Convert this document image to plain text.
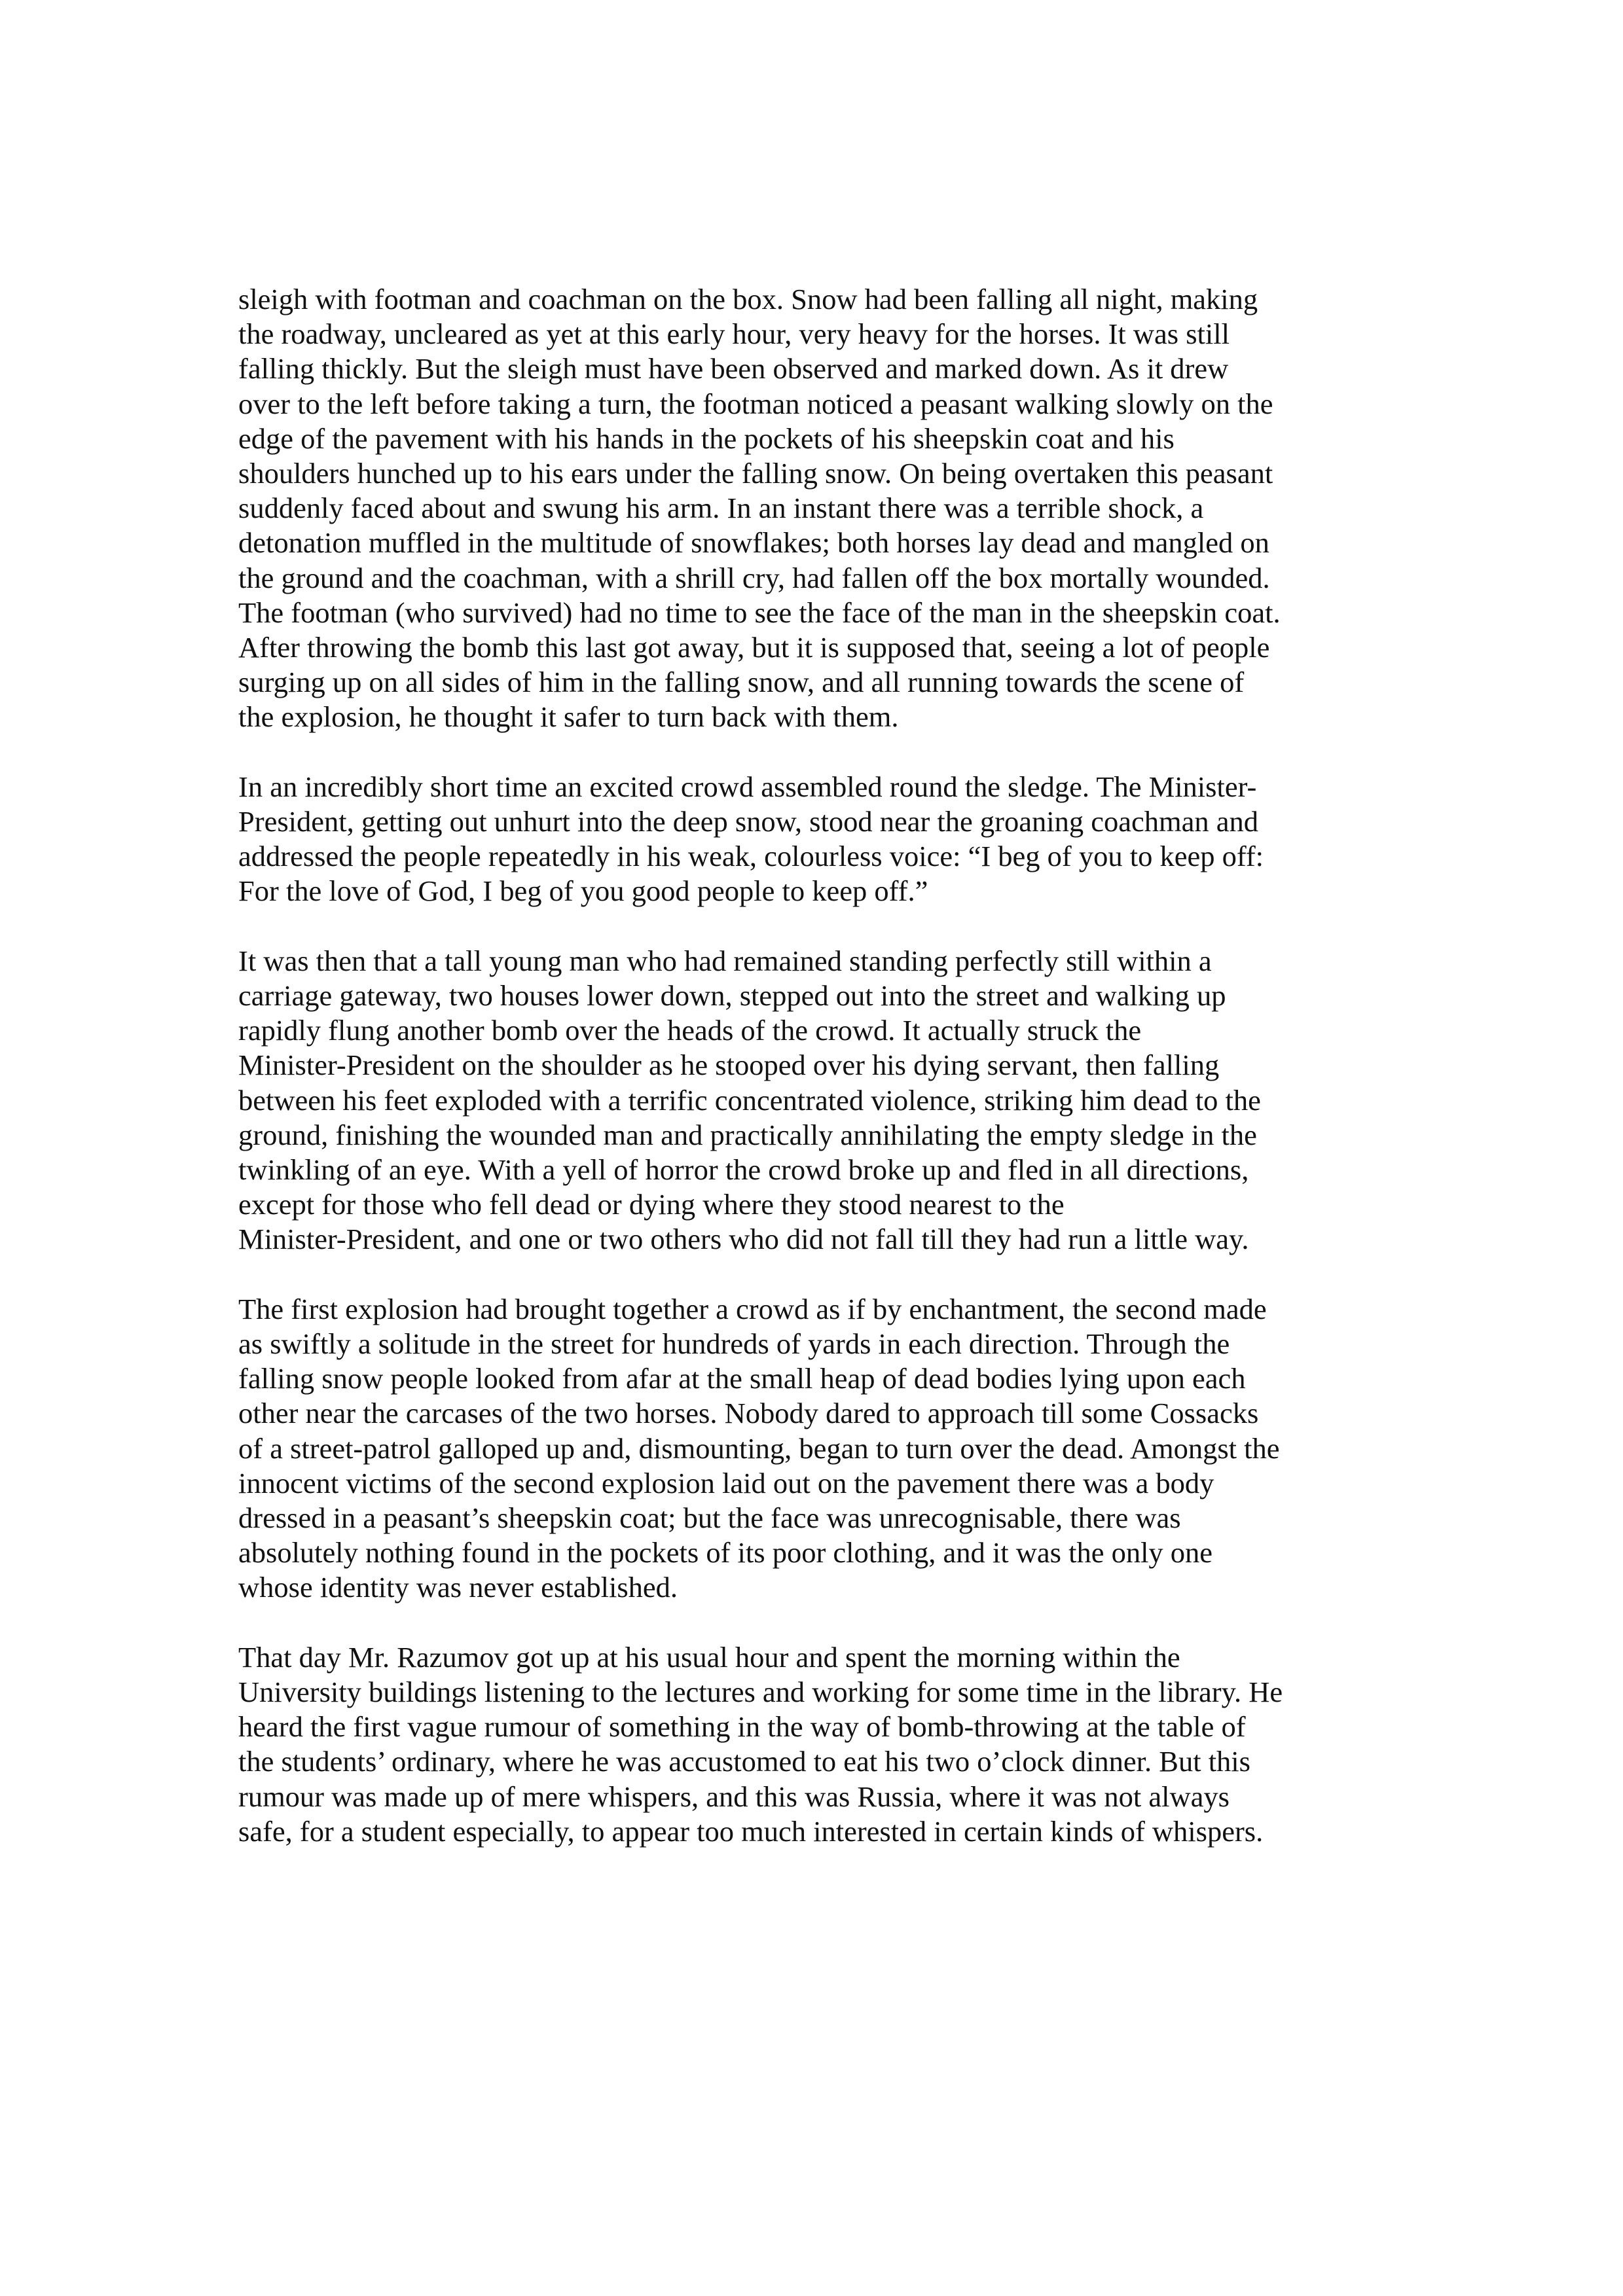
sleigh with footman and coachman on the box. Snow had been falling all night, making
the roadway, uncleared as yet at this early hour, very heavy for the horses. It was still
falling thickly. But the sleigh must have been observed and marked down. As it drew
over to the left before taking a turn, the footman noticed a peasant walking slowly on the
edge of the pavement with his hands in the pockets of his sheepskin coat and his
shoulders hunched up to his ears under the falling snow. On being overtaken this peasant
suddenly faced about and swung his arm. In an instant there was a terrible shock, a
detonation muffled in the multitude of snowflakes; both horses lay dead and mangled on
the ground and the coachman, with a shrill cry, had fallen off the box mortally wounded.
The footman (who survived) had no time to see the face of the man in the sheepskin coat.
After throwing the bomb this last got away, but it is supposed that, seeing a lot of people
surging up on all sides of him in the falling snow, and all running towards the scene of
the explosion, he thought it safer to turn back with them.

In an incredibly short time an excited crowd assembled round the sledge. The Minister-
President, getting out unhurt into the deep snow, stood near the groaning coachman and
addressed the people repeatedly in his weak, colourless voice: “I beg of you to keep off:
For the love of God, I beg of you good people to keep off.”

It was then that a tall young man who had remained standing perfectly still within a
carriage gateway, two houses lower down, stepped out into the street and walking up
rapidly flung another bomb over the heads of the crowd. It actually struck the
Minister-President on the shoulder as he stooped over his dying servant, then falling
between his feet exploded with a terrific concentrated violence, striking him dead to the
ground, finishing the wounded man and practically annihilating the empty sledge in the
twinkling of an eye. With a yell of horror the crowd broke up and fled in all directions,
except for those who fell dead or dying where they stood nearest to the
Minister-President, and one or two others who did not fall till they had run a little way.

The first explosion had brought together a crowd as if by enchantment, the second made
as swiftly a solitude in the street for hundreds of yards in each direction. Through the
falling snow people looked from afar at the small heap of dead bodies lying upon each
other near the carcases of the two horses. Nobody dared to approach till some Cossacks
of a street-patrol galloped up and, dismounting, began to turn over the dead. Amongst the
innocent victims of the second explosion laid out on the pavement there was a body
dressed in a peasant’s sheepskin coat; but the face was unrecognisable, there was
absolutely nothing found in the pockets of its poor clothing, and it was the only one
whose identity was never established.

That day Mr. Razumov got up at his usual hour and spent the morning within the
University buildings listening to the lectures and working for some time in the library. He
heard the first vague rumour of something in the way of bomb-throwing at the table of
the students’ ordinary, where he was accustomed to eat his two o’clock dinner. But this
rumour was made up of mere whispers, and this was Russia, where it was not always
safe, for a student especially, to appear too much interested in certain kinds of whispers.
